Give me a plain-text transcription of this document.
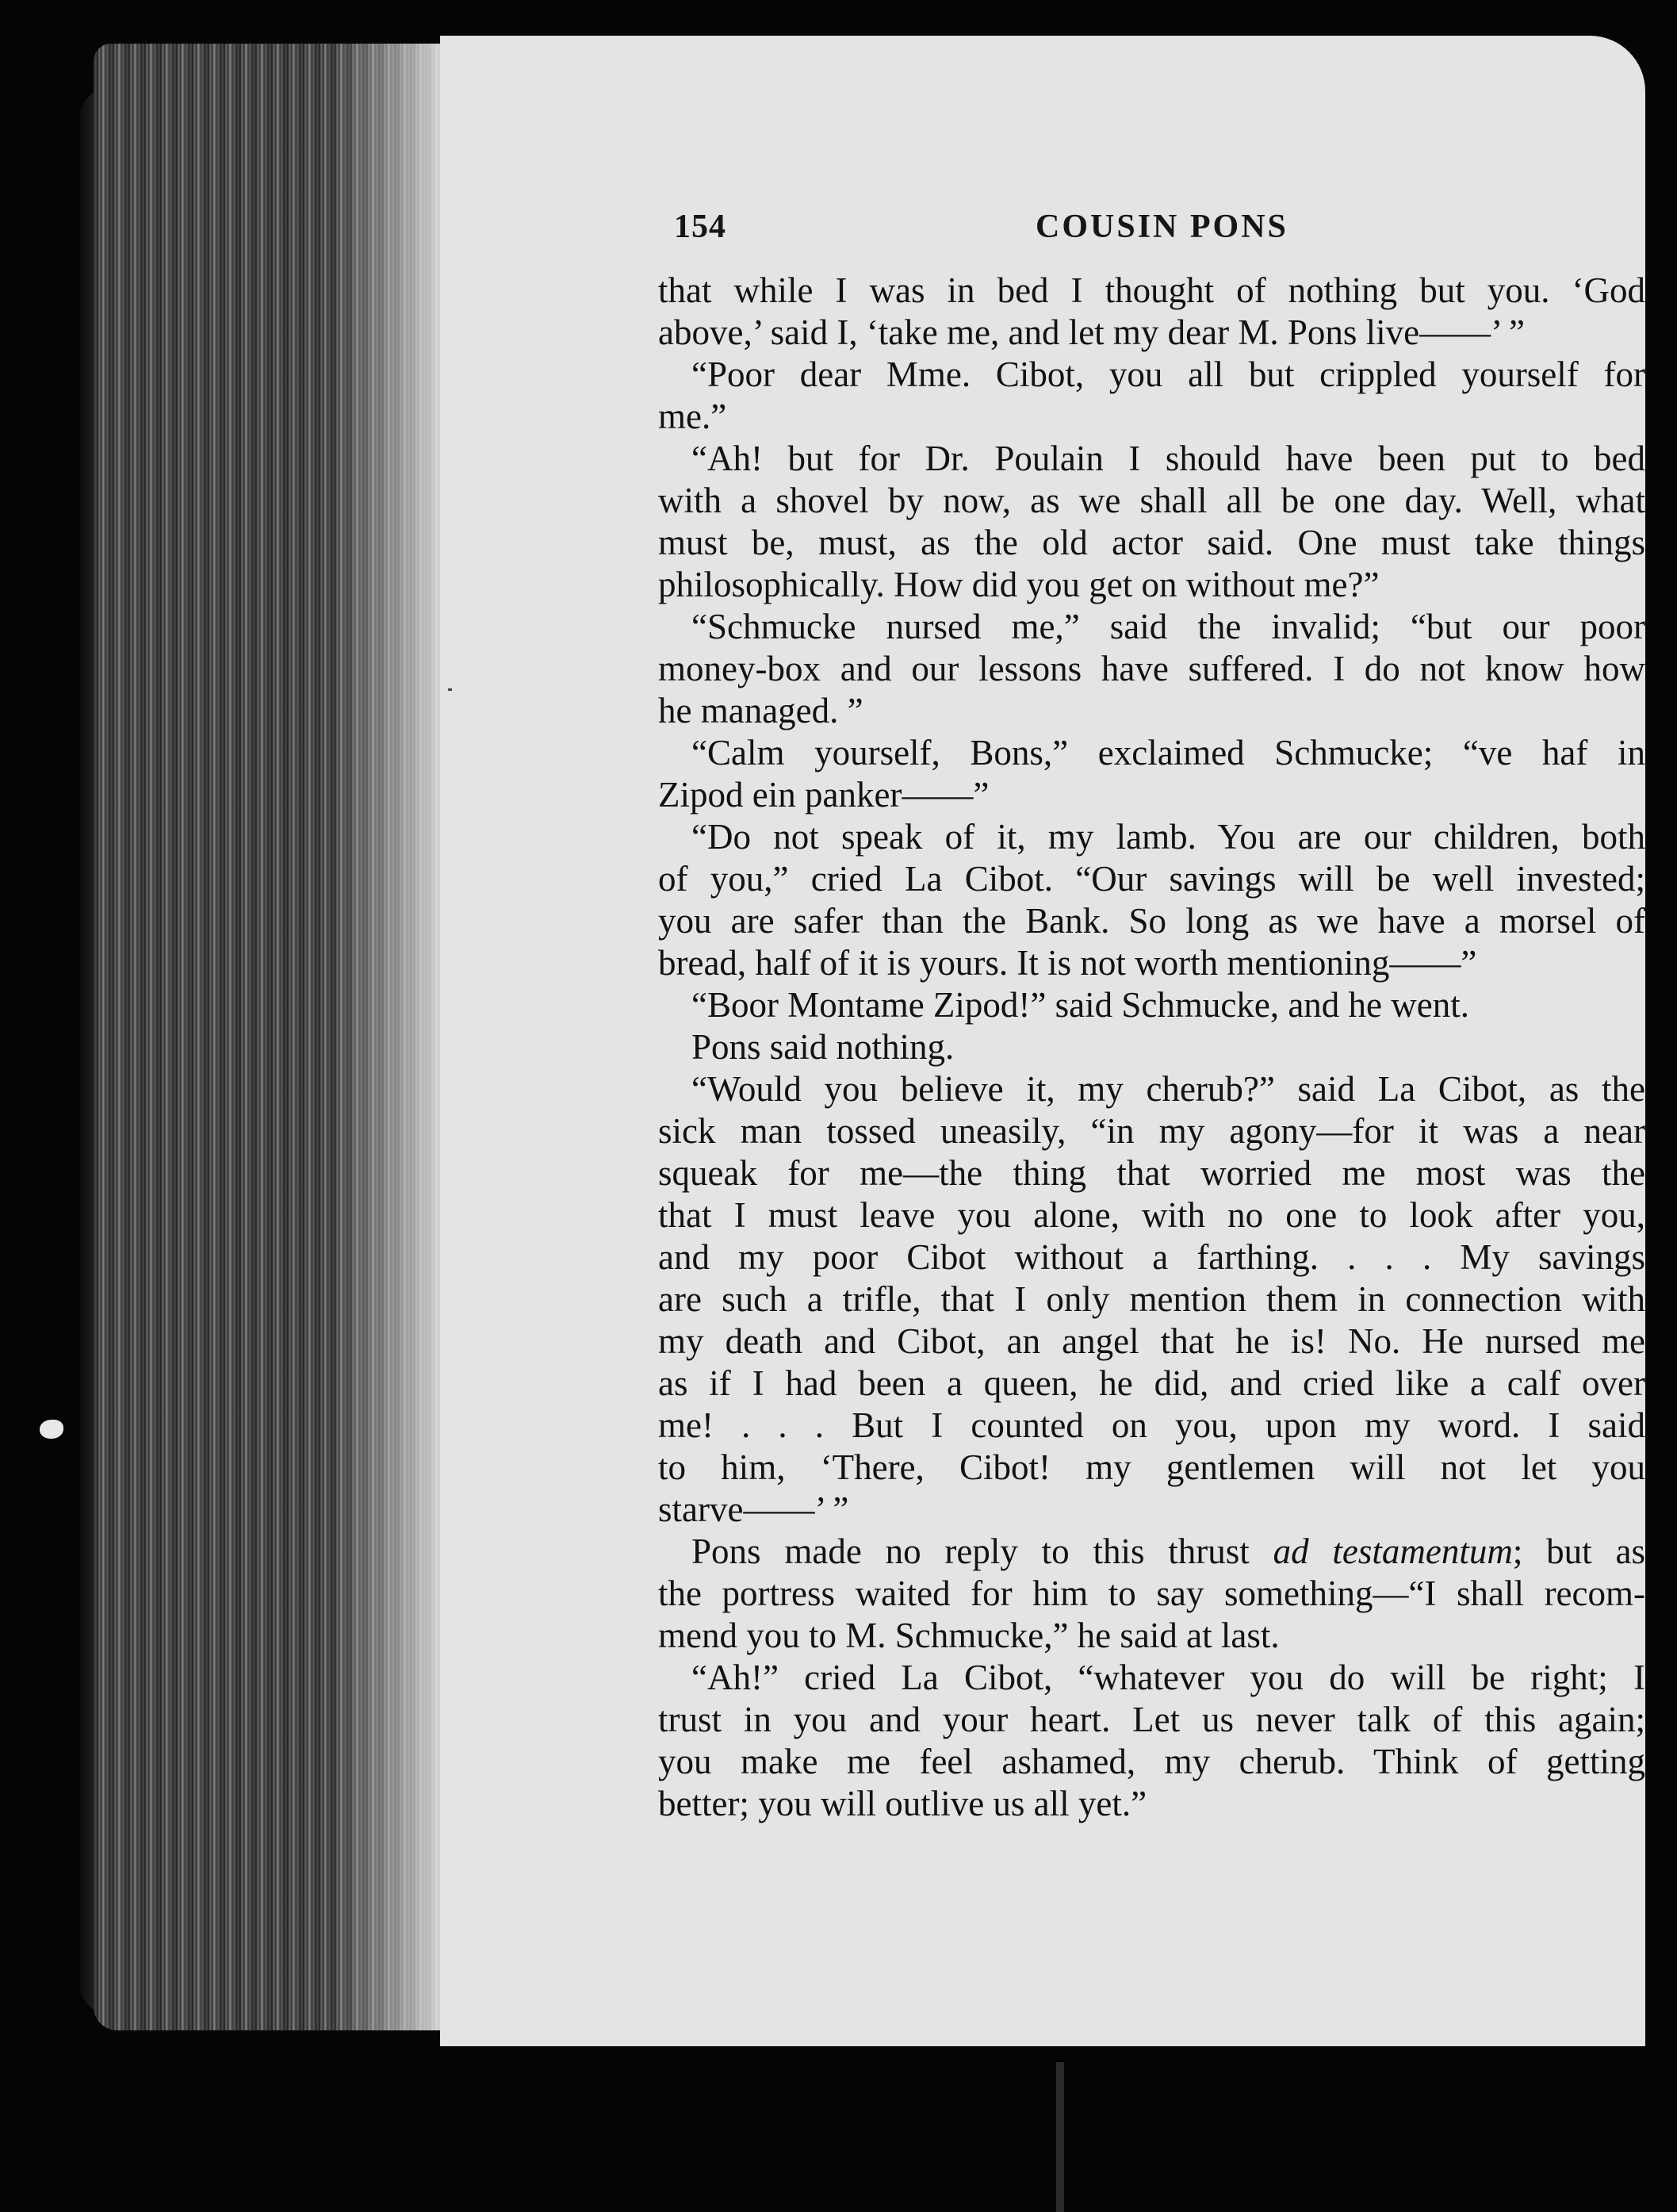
154	COUSIN PONS
that while I was in bed I thought of nothing but you. ‘God
above,’ said I, ‘take me, and let my dear M. Pons live——’ ”
“Poor dear Mme. Cibot, you all but crippled yourself for
me.”
“Ah! but for Dr. Poulain I should have been put to bed
with a shovel by now, as we shall all be one day. Well, what
must be, must, as the old actor said. One must take things
philosophically. How did you get on without me?”
“Schmucke nursed me,” said the invalid; “but our poor
money-box and our lessons have suffered. I do not know how
he managed. ”
“Calm yourself, Bons,” exclaimed Schmucke; “ve haf in
Zipod ein panker——”
“Do not speak of it, my lamb. You are our children, both
of you,” cried La Cibot. “Our savings will be well invested;
you are safer than the Bank. So long as we have a morsel of
bread, half of it is yours. It is not worth mentioning——”
“Boor Montame Zipod!” said Schmucke, and he went.
Pons said nothing.
“Would you believe it, my cherub?” said La Cibot, as the
sick man tossed uneasily, “in my agony—for it was a near
squeak for me—the thing that worried me most was the
that I must leave you alone, with no one to look after you,
and my poor Cibot without a farthing. . . . My savings
are such a trifle, that I only mention them in connection with
my death and Cibot, an angel that he is! No. He nursed me
as if I had been a queen, he did, and cried like a calf over
me! . . . But I counted on you, upon my word. I said
to him, ‘There, Cibot! my gentlemen will not let you
starve——’ ”
Pons made no reply to this thrust ad testamentum; but as
the portress waited for him to say something—“I shall recom-
mend you to M. Schmucke,” he said at last.
“Ah!” cried La Cibot, “whatever you do will be right; I
trust in you and your heart. Let us never talk of this again;
you make me feel ashamed, my cherub. Think of getting
better; you will outlive us all yet.”
